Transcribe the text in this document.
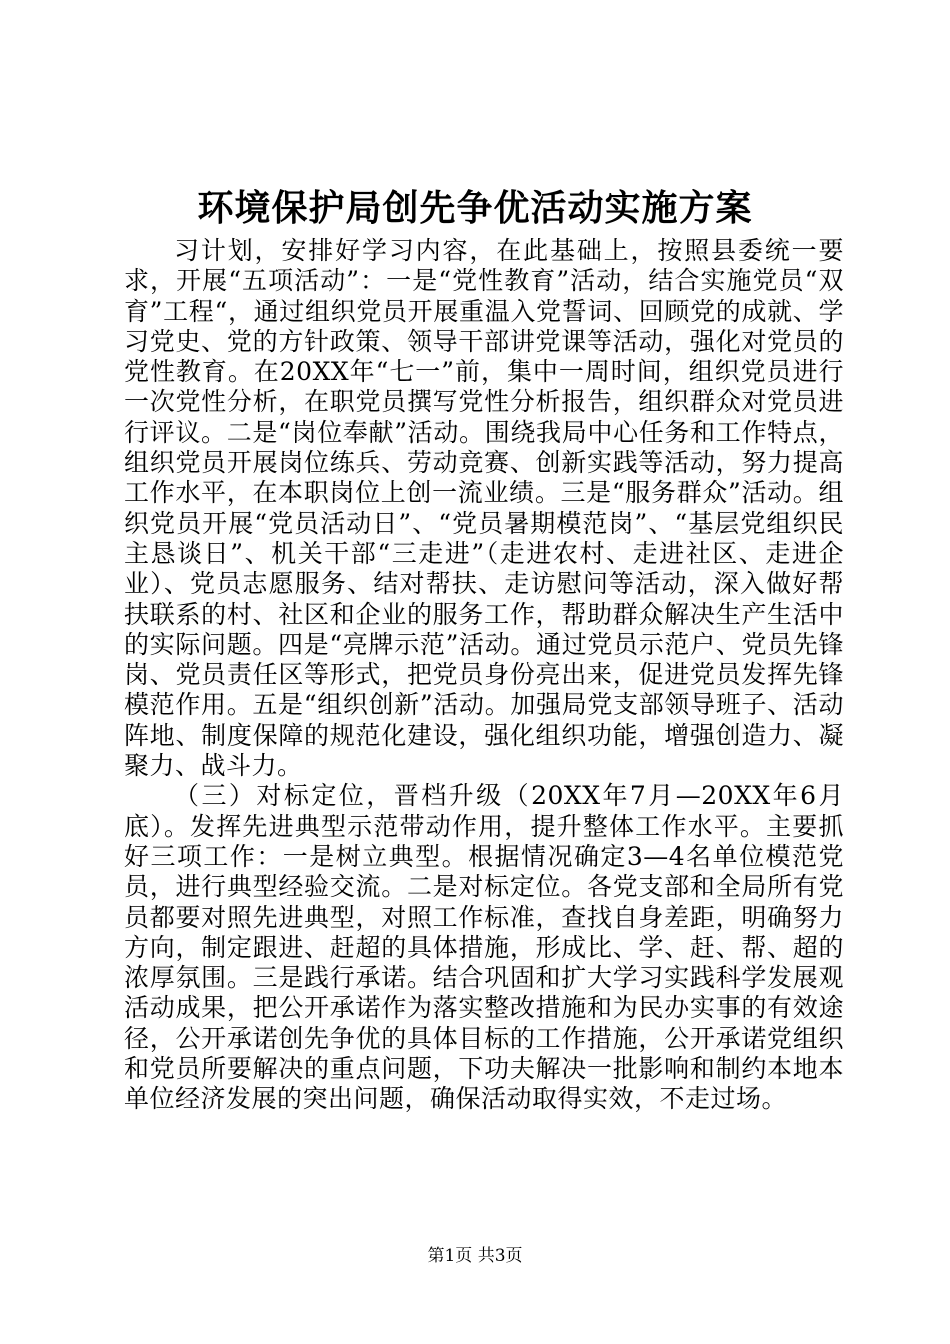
环境保护局创先争优活动实施方案

习计划，安排好学习内容，在此基础上，按照县委统一要求，开展“五项活动”：一是“党性教育”活动，结合实施党员“双育”工程“，通过组织党员开展重温入党誓词、回顾党的成就、学习党史、党的方针政策、领导干部讲党课等活动，强化对党员的党性教育。在20XX年“七一”前，集中一周时间，组织党员进行一次党性分析，在职党员撰写党性分析报告，组织群众对党员进行评议。二是“岗位奉献”活动。围绕我局中心任务和工作特点，组织党员开展岗位练兵、劳动竞赛、创新实践等活动，努力提高工作水平，在本职岗位上创一流业绩。三是“服务群众”活动。组织党员开展“党员活动日”、“党员暑期模范岗”、“基层党组织民主恳谈日”、机关干部“三走进”（走进农村、走进社区、走进企业）、党员志愿服务、结对帮扶、走访慰问等活动，深入做好帮扶联系的村、社区和企业的服务工作，帮助群众解决生产生活中的实际问题。四是“亮牌示范”活动。通过党员示范户、党员先锋岗、党员责任区等形式，把党员身份亮出来，促进党员发挥先锋模范作用。五是“组织创新”活动。加强局党支部领导班子、活动阵地、制度保障的规范化建设，强化组织功能，增强创造力、凝聚力、战斗力。

（三）对标定位，晋档升级（20XX年7月—20XX年6月底）。发挥先进典型示范带动作用，提升整体工作水平。主要抓好三项工作：一是树立典型。根据情况确定3—4名单位模范党员，进行典型经验交流。二是对标定位。各党支部和全局所有党员都要对照先进典型，对照工作标准，查找自身差距，明确努力方向，制定跟进、赶超的具体措施，形成比、学、赶、帮、超的浓厚氛围。三是践行承诺。结合巩固和扩大学习实践科学发展观活动成果，把公开承诺作为落实整改措施和为民办实事的有效途径，公开承诺创先争优的具体目标的工作措施，公开承诺党组织和党员所要解决的重点问题，下功夫解决一批影响和制约本地本单位经济发展的突出问题，确保活动取得实效，不走过场。

第1页 共3页
